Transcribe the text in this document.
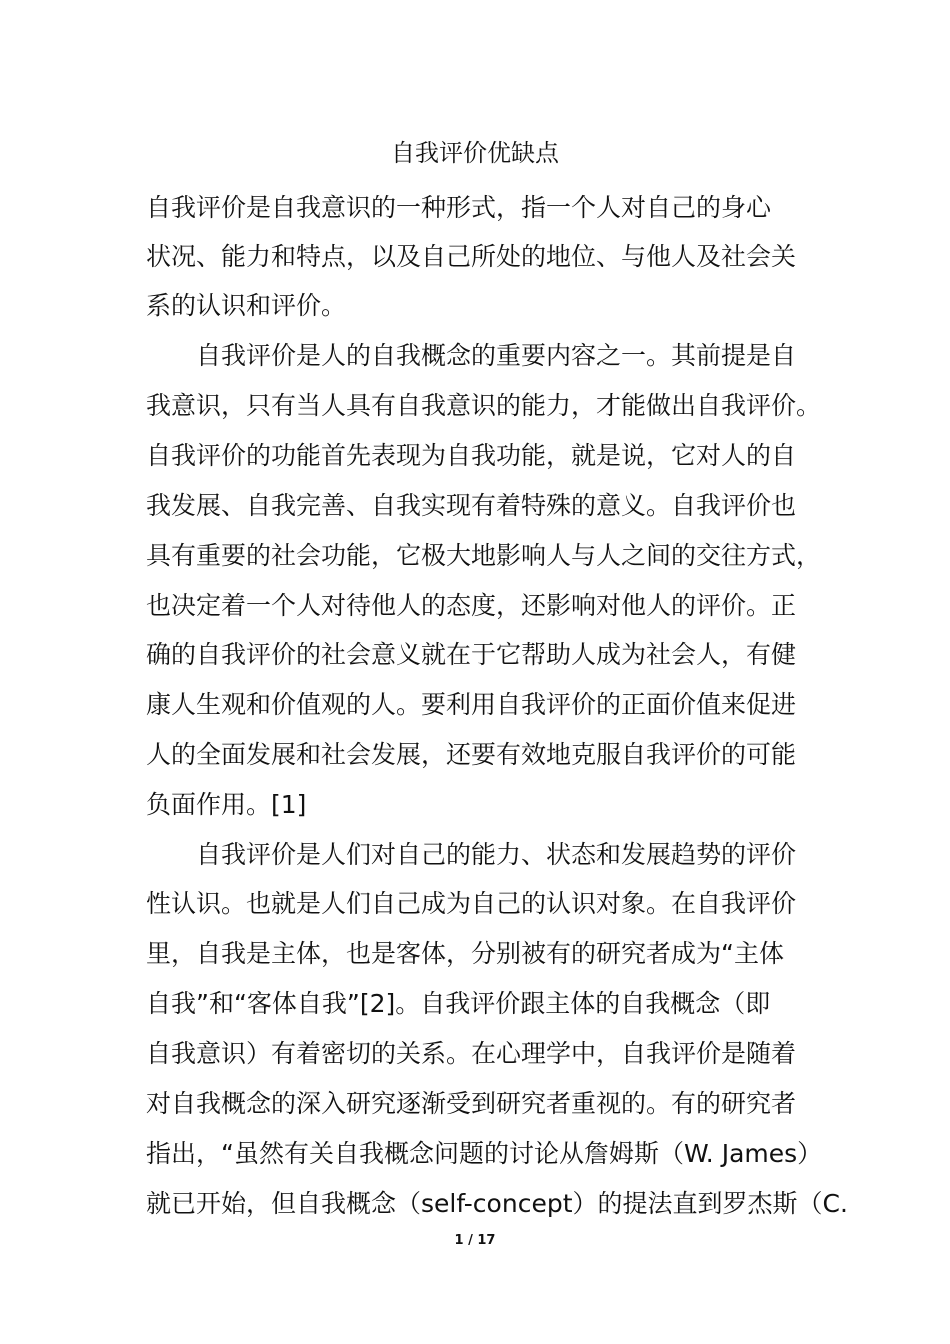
自我评价优缺点
自我评价是自我意识的一种形式，指一个人对自己的身心
状况、能力和特点，以及自己所处的地位、与他人及社会关
系的认识和评价。
　　自我评价是人的自我概念的重要内容之一。其前提是自
我意识，只有当人具有自我意识的能力，才能做出自我评价。
自我评价的功能首先表现为自我功能，就是说，它对人的自
我发展、自我完善、自我实现有着特殊的意义。自我评价也
具有重要的社会功能，它极大地影响人与人之间的交往方式，
也决定着一个人对待他人的态度，还影响对他人的评价。正
确的自我评价的社会意义就在于它帮助人成为社会人，有健
康人生观和价值观的人。要利用自我评价的正面价值来促进
人的全面发展和社会发展，还要有效地克服自我评价的可能
负面作用。[1]
　　自我评价是人们对自己的能力、状态和发展趋势的评价
性认识。也就是人们自己成为自己的认识对象。在自我评价
里，自我是主体，也是客体，分别被有的研究者成为“主体
自我”和“客体自我”[2]。自我评价跟主体的自我概念（即
自我意识）有着密切的关系。在心理学中，自我评价是随着
对自我概念的深入研究逐渐受到研究者重视的。有的研究者
指出，“虽然有关自我概念问题的讨论从詹姆斯（W. James）
就已开始，但自我概念（self-concept）的提法直到罗杰斯（C.
1 / 17
